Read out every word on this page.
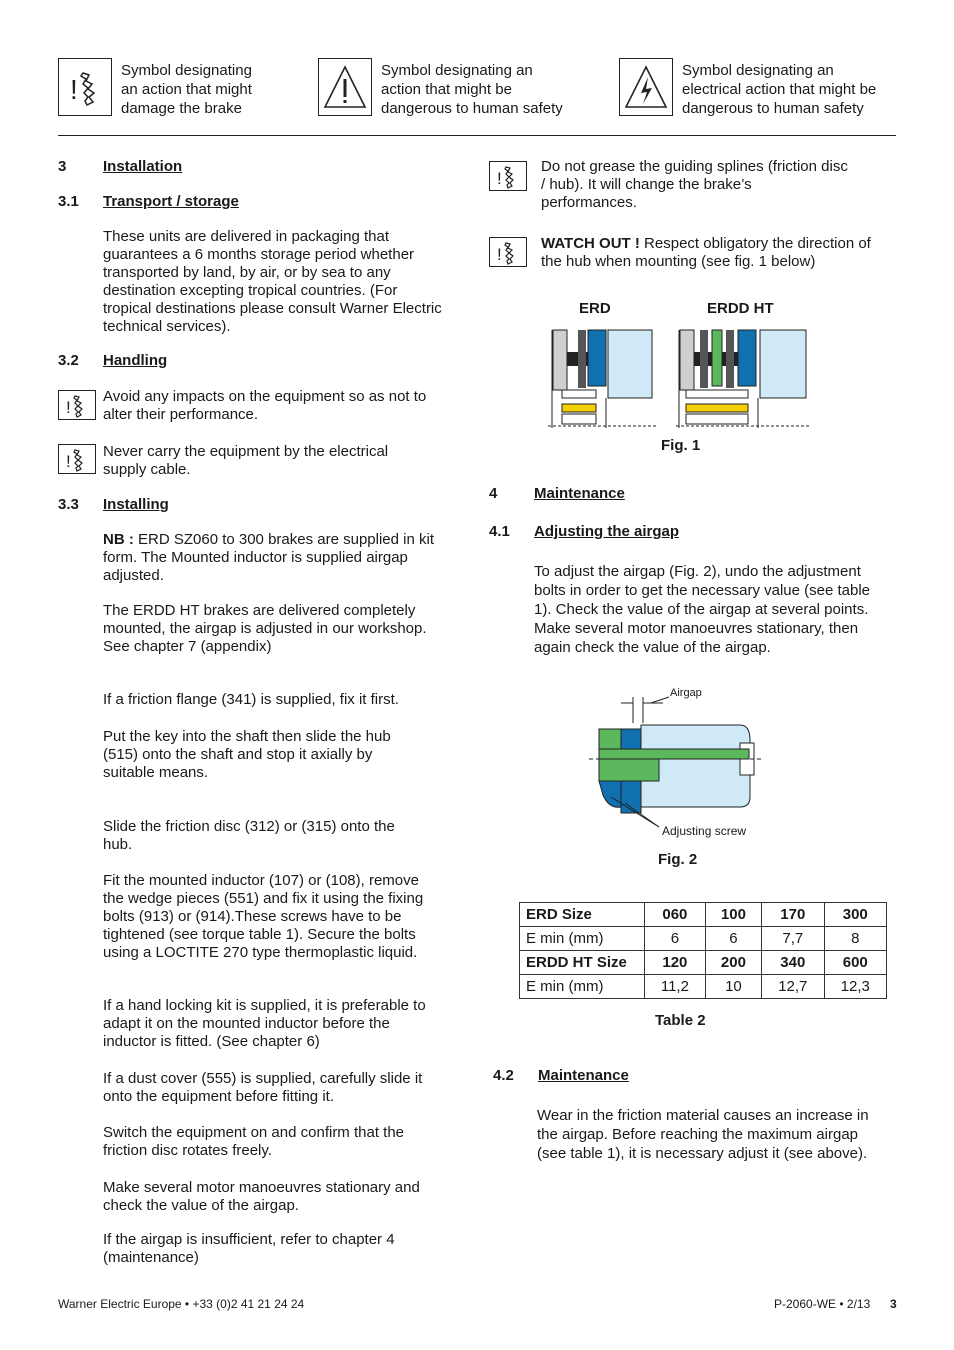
!
Symbol designating
an action that might
damage the brake
Symbol designating an
action that might be
dangerous to human safety
Symbol designating an
electrical action that might be
dangerous to human safety
3 Installation
3.1 Transport / storage
These units are delivered in packaging that guarantees a 6 months storage period whether transported by land, by air, or by sea to any destination excepting tropical countries. (For tropical destinations please consult Warner Electric technical services).
3.2 Handling
!
Avoid any impacts on the equipment so as not to alter their performance.
!
Never carry the equipment by the electrical supply cable.
3.3 Installing
NB : ERD SZ060 to 300 brakes are supplied in kit form. The Mounted inductor is supplied airgap adjusted.
The ERDD HT brakes are delivered completely mounted, the airgap is adjusted in our workshop. See chapter 7 (appendix)
If a friction flange (341) is supplied, fix it first.
Put the key into the shaft then slide the hub (515) onto the shaft and stop it axially by suitable means.
Slide the friction disc (312) or (315) onto the hub.
Fit the mounted inductor (107) or (108), remove the wedge pieces (551) and fix it using the fixing bolts (913) or (914).These screws have to be tightened (see torque table 1). Secure the bolts using a LOCTITE 270 type thermoplastic liquid.
If a hand locking kit is supplied, it is preferable to adapt it on the mounted inductor before the inductor is fitted. (See chapter 6)
If a dust cover (555) is supplied, carefully slide it onto the equipment before fitting it.
Switch the equipment on and confirm that the friction disc rotates freely.
Make several motor manoeuvres stationary and check the value of the airgap.
If the airgap is insufficient, refer to chapter 4 (maintenance)
!
Do not grease the guiding splines (friction disc / hub). It will change the brake’s performances.
!
WATCH OUT ! Respect obligatory the direction of the hub when mounting (see fig. 1 below)
ERD	ERDD HT
Fig. 1
4 Maintenance
4.1 Adjusting the airgap
To adjust the airgap (Fig. 2), undo the adjustment bolts in order to get the necessary value (see table 1). Check the value of the airgap at several points. Make several motor manoeuvres stationary, then again check the value of the airgap.
Airgap
Adjusting screw
Fig. 2
ERD Size	060	100	170	300
E min (mm)	6	6	7,7	8
ERDD HT Size	120	200	340	600
E min (mm)	11,2	10	12,7	12,3
Table 2
4.2 Maintenance
Wear in the friction material causes an increase in the airgap. Before reaching the maximum airgap (see table 1), it is necessary adjust it (see above).
Warner Electric Europe • +33 (0)2 41 21 24 24	P-2060-WE • 2/13 3
